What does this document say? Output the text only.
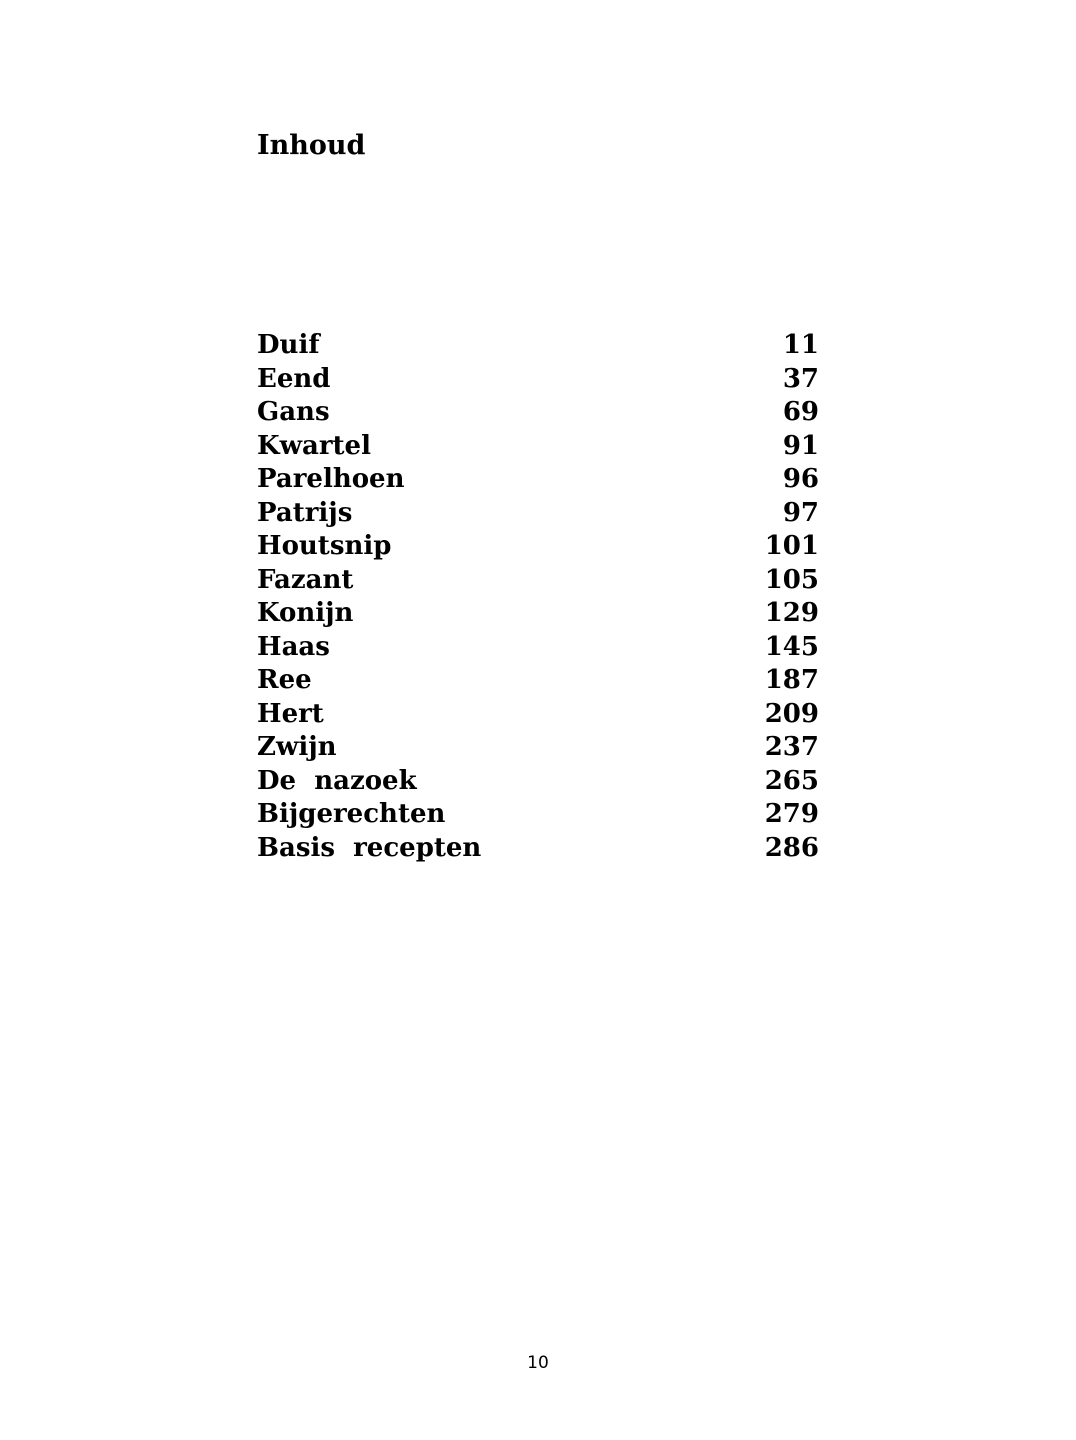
Inhoud
Duif	11
Eend	37
Gans	69
Kwartel	91
Parelhoen	96
Patrijs	97
Houtsnip	101
Fazant	105
Konijn	129
Haas	145
Ree	187
Hert	209
Zwijn	237
De  nazoek	265
Bijgerechten	279
Basis  recepten	286
10
